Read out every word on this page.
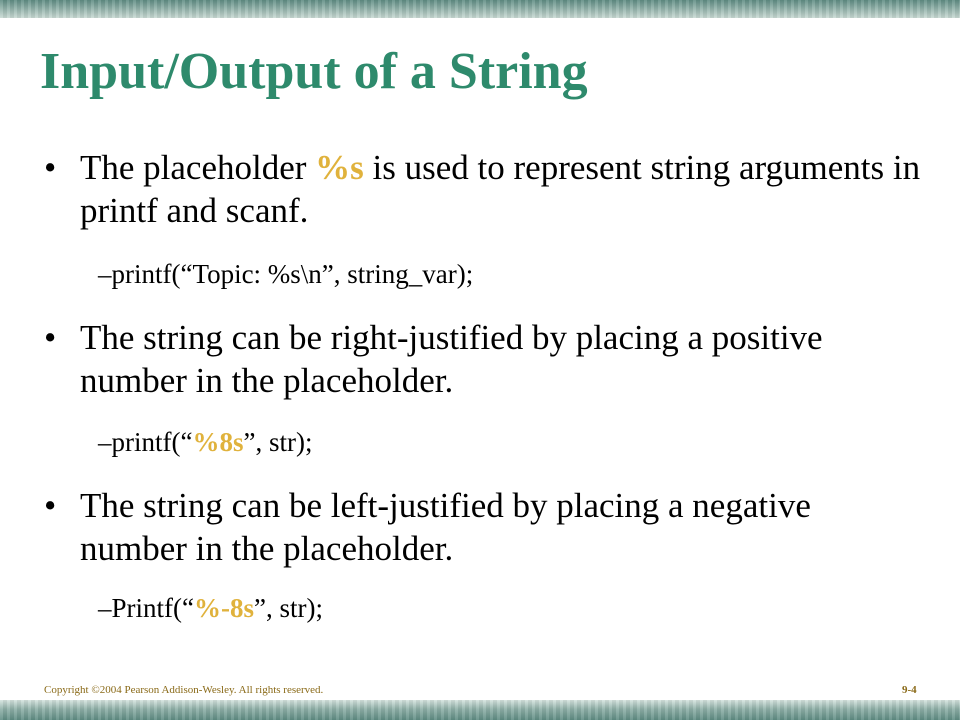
Input/Output of a String
• The placeholder %s is used to represent string arguments in printf and scanf.
–printf(“Topic: %s\n”, string_var);
• The string can be right-justified by placing a positive number in the placeholder.
–printf(“%8s”, str);
• The string can be left-justified by placing a negative number in the placeholder.
–Printf(“%-8s”, str);
Copyright ©2004 Pearson Addison-Wesley. All rights reserved.	9-4
